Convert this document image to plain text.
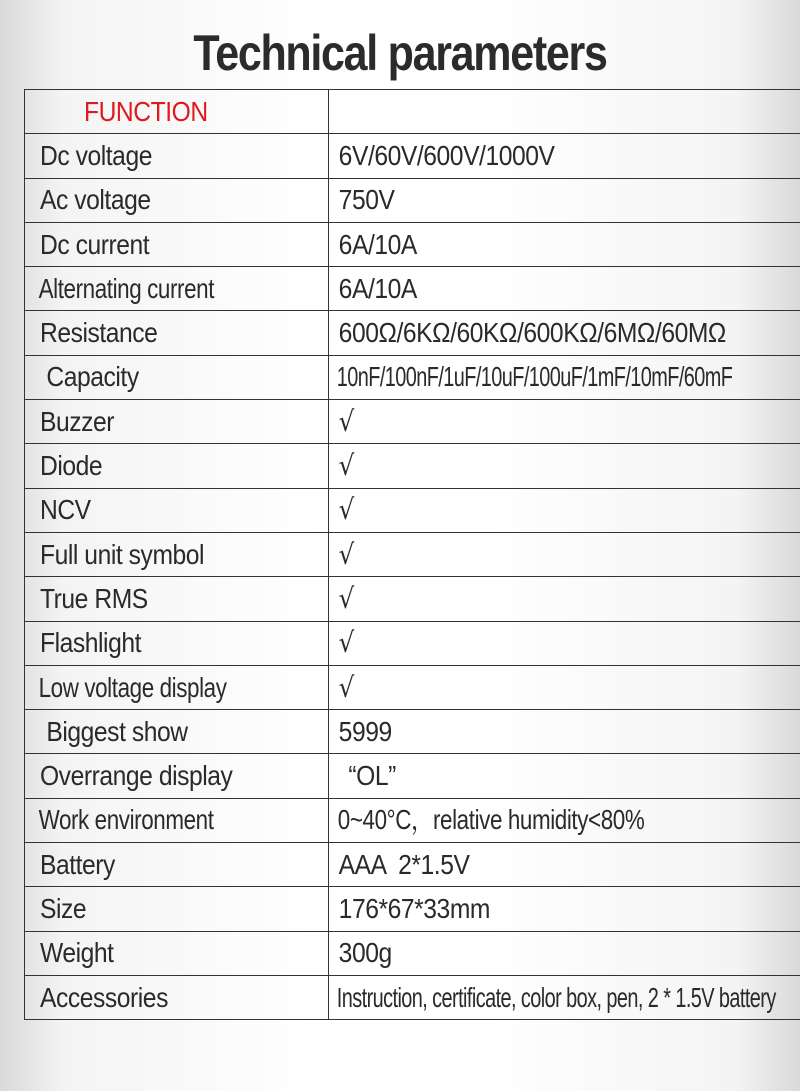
Technical parameters
FUNCTION	
Dc voltage	6V/60V/600V/1000V
Ac voltage	750V
Dc current	6A/10A
Alternating current	6A/10A
Resistance	600Ω/6KΩ/60KΩ/600KΩ/6MΩ/60MΩ
Capacity	10nF/100nF/1uF/10uF/100uF/1mF/10mF/60mF
Buzzer	√
Diode	√
NCV	√
Full unit symbol	√
True RMS	√
Flashlight	√
Low voltage display	√
Biggest show	5999
Overrange display	“OL”
Work environment	0~40°C，relative humidity<80%
Battery	AAA  2*1.5V
Size	176*67*33mm
Weight	300g
Accessories	Instruction, certificate, color box, pen, 2 * 1.5V battery
